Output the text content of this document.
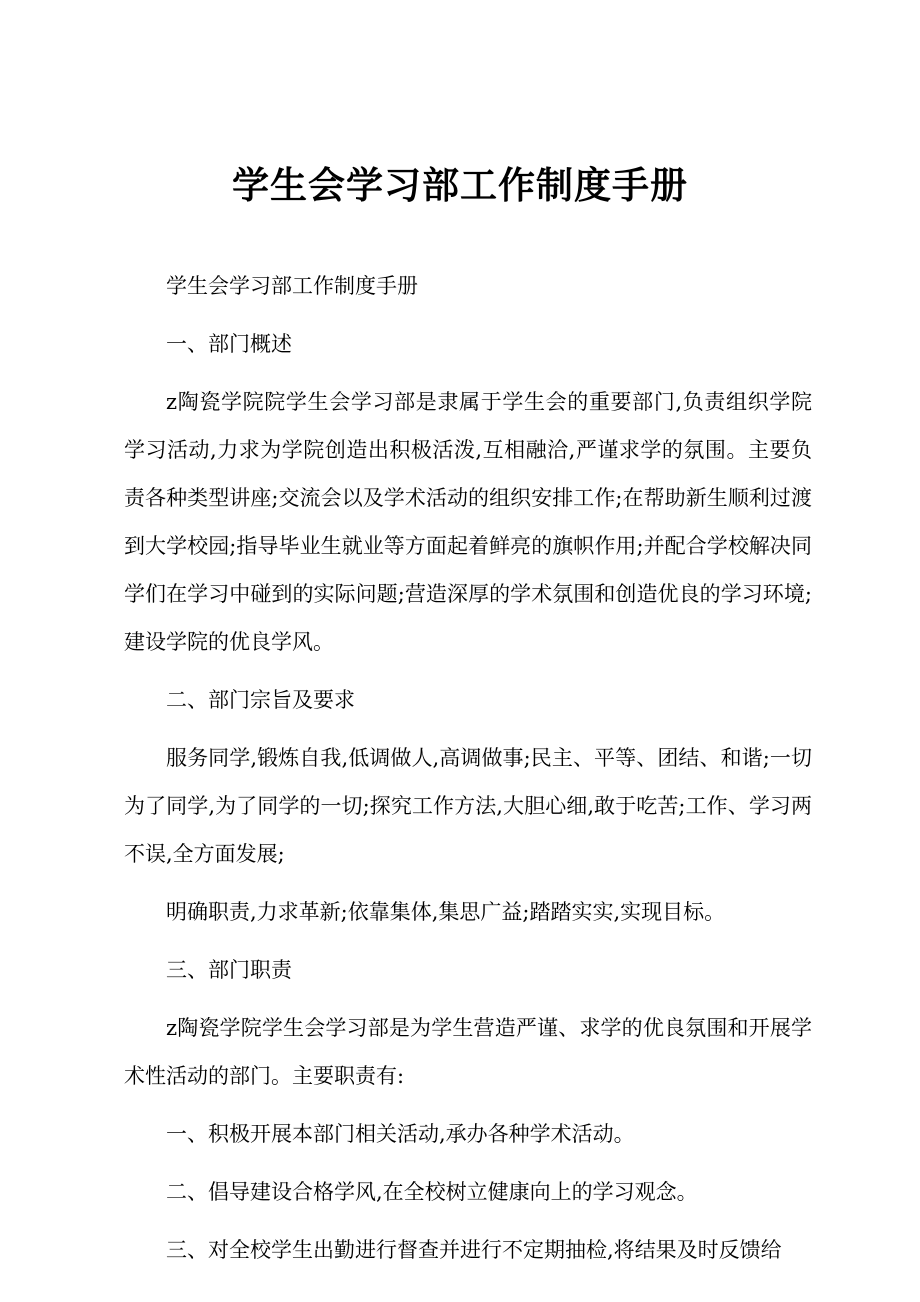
学生会学习部工作制度手册

学生会学习部工作制度手册

一、部门概述

z陶瓷学院院学生会学习部是隶属于学生会的重要部门,负责组织学院学习活动,力求为学院创造出积极活泼,互相融洽,严谨求学的氛围。主要负责各种类型讲座;交流会以及学术活动的组织安排工作;在帮助新生顺利过渡到大学校园;指导毕业生就业等方面起着鲜亮的旗帜作用;并配合学校解决同学们在学习中碰到的实际问题;营造深厚的学术氛围和创造优良的学习环境;建设学院的优良学风。

二、部门宗旨及要求

服务同学,锻炼自我,低调做人,高调做事;民主、平等、团结、和谐;一切为了同学,为了同学的一切;探究工作方法,大胆心细,敢于吃苦;工作、学习两不误,全方面发展;

明确职责,力求革新;依靠集体,集思广益;踏踏实实,实现目标。

三、部门职责

z陶瓷学院学生会学习部是为学生营造严谨、求学的优良氛围和开展学术性活动的部门。主要职责有:

一、积极开展本部门相关活动,承办各种学术活动。

二、倡导建设合格学风,在全校树立健康向上的学习观念。

三、对全校学生出勤进行督查并进行不定期抽检,将结果及时反馈给
